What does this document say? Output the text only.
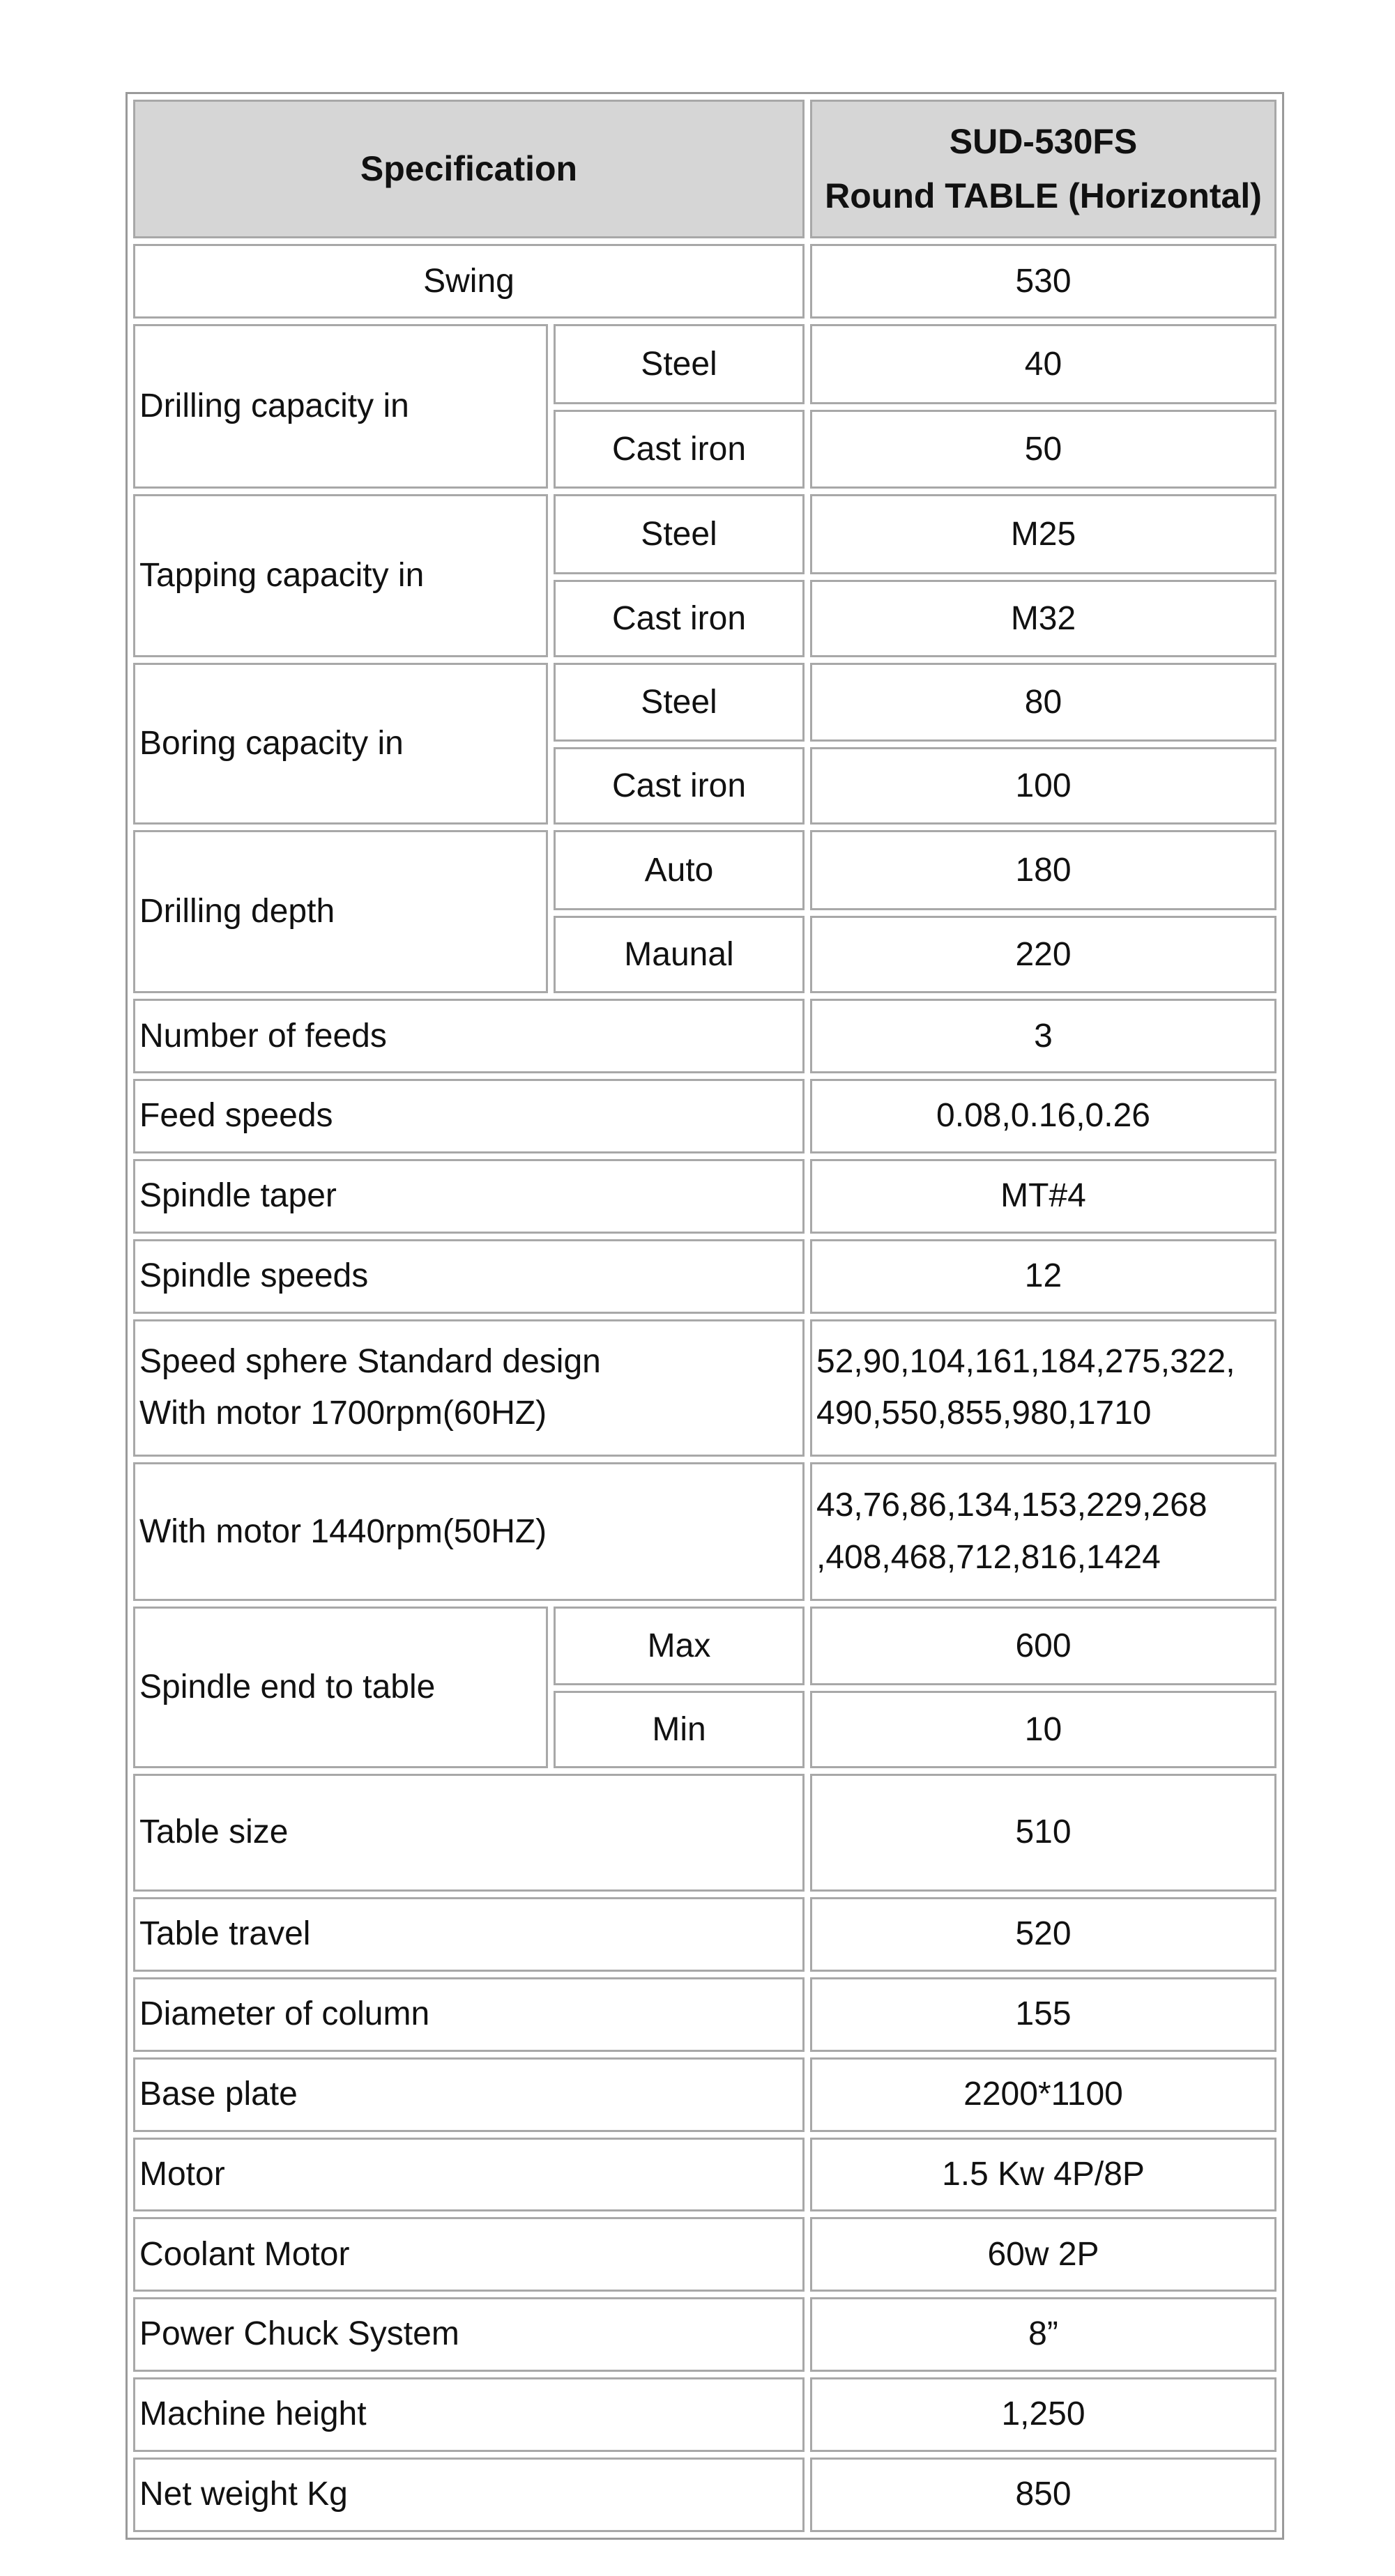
Specification		SUD-530FS
Round TABLE (Horizontal)

Swing		530
Drilling capacity in	Steel	40
	Cast iron	50
Tapping capacity in	Steel	M25
	Cast iron	M32
Boring capacity in	Steel	80
	Cast iron	100
Drilling depth	Auto	180
	Maunal	220
Number of feeds		3
Feed speeds		0.08,0.16,0.26
Spindle taper		MT#4
Spindle speeds		12

Speed sphere Standard design
With motor 1700rpm(60HZ)		52,90,104,161,184,275,322,
490,550,855,980,1710

With motor 1440rpm(50HZ)		43,76,86,134,153,229,268
,408,468,712,816,1424

Spindle end to table	Max	600
	Min	10
Table size		510
Table travel		520
Diameter of column		155
Base plate		2200*1100
Motor		1.5 Kw 4P/8P
Coolant Motor		60w 2P
Power Chuck System		8”
Machine height		1,250
Net weight Kg		850
